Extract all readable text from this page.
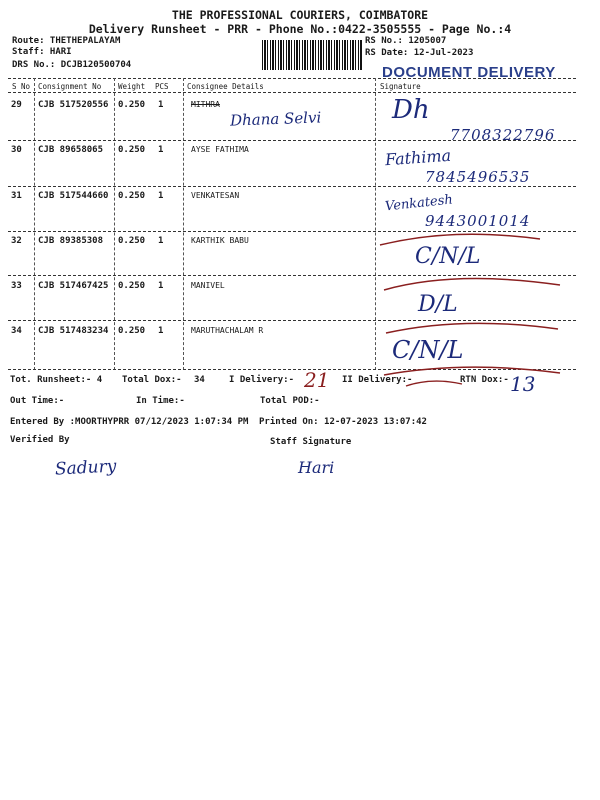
THE PROFESSIONAL COURIERS, COIMBATORE
Delivery Runsheet - PRR - Phone No.:0422-3505555 - Page No.:4
Route: THETHEPALAYAM
Staff: HARI
DRS No.: DCJB120500704
RS No.: 1205007
RS Date: 12-Jul-2023
DOCUMENT DELIVERY
S No Consignment No Weight PCS Consignee Details	Signature
29 CJB 517520556 0.250 1	MITHRA
Dhana Selvi	Dh
7708322796
30 CJB 89658065 0.250 1	AYSE FATHIMA	Fathima
7845496535
31 CJB 517544660 0.250 1	VENKATESAN	Venkatesh
9443001014
32 CJB 89385308 0.250 1	KARTHIK BABU
C/N/L
33 CJB 517467425 0.250 1	MANIVEL
D/L
34 CJB 517483234 0.250 1	MARUTHACHALAM R
C/N/L
Tot. Runsheet:- 4 Total Dox:- 34	I Delivery:- 21 II Delivery:-	RTN Dox:- 13
Out Time:-	In Time:-	Total POD:-
Entered By :MOORTHYPRR 07/12/2023 1:07:34 PM Printed On: 12-07-2023 13:07:42
Verified By	Staff Signature
Sadury	Hari
